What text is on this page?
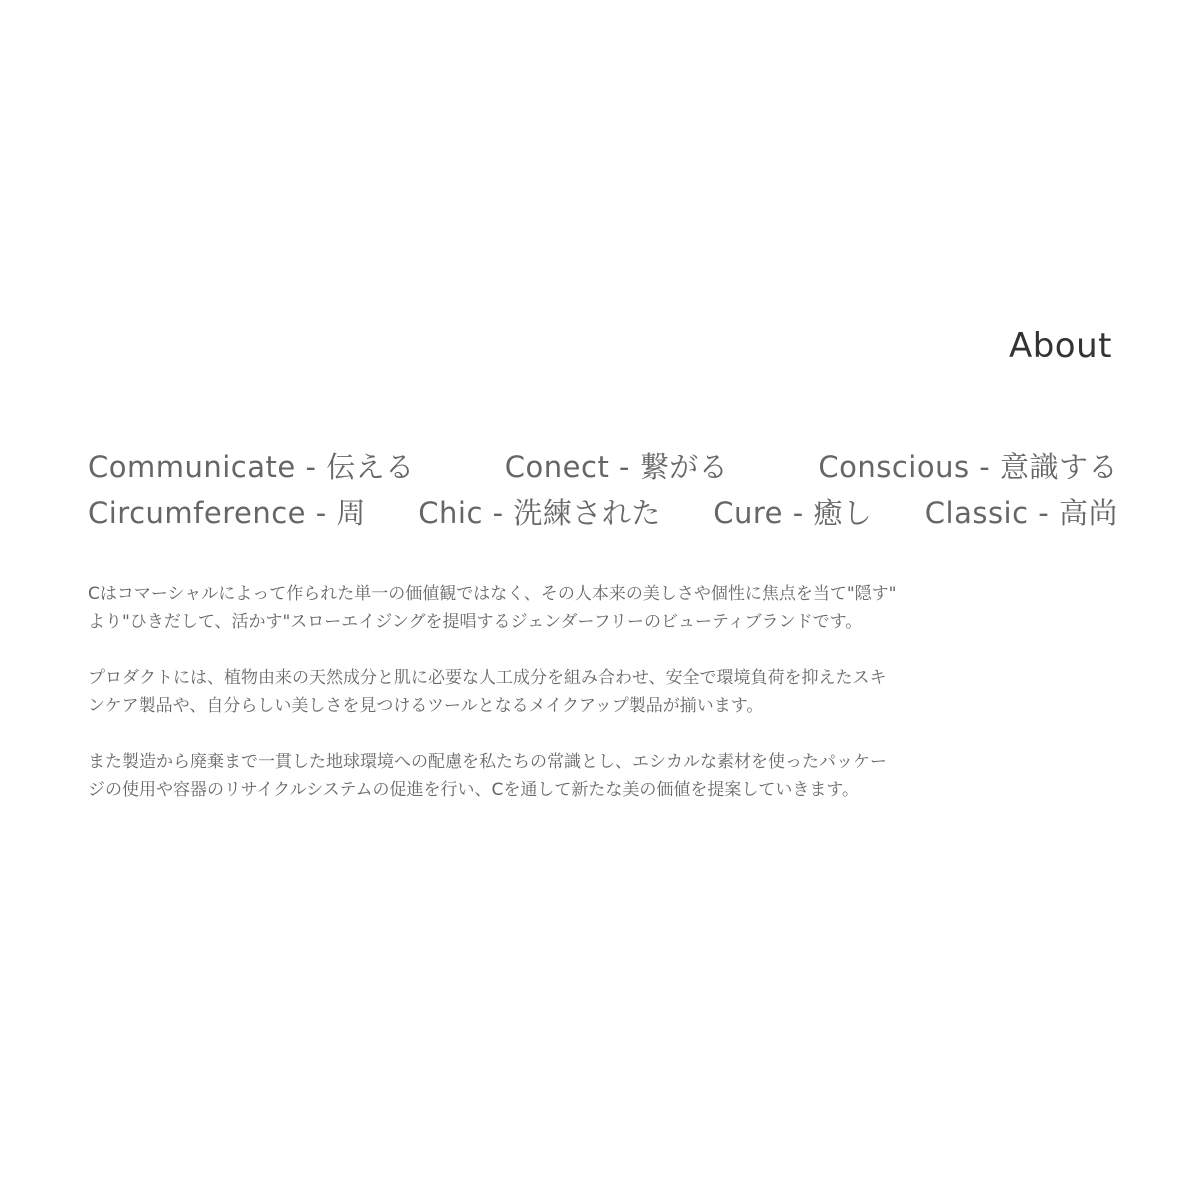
About
Communicate - 伝える	Conect - 繋がる	Conscious - 意識する
Circumference - 周 Chic - 洗練された Cure - 癒し Classic - 高尚

Cはコマーシャルによって作られた単一の価値観ではなく、その人本来の美しさや個性に焦点を当て"隠す"

より"ひきだして、活かす"スローエイジングを提唱するジェンダーフリーのビューティブランドです。

プロダクトには、植物由来の天然成分と肌に必要な人工成分を組み合わせ、安全で環境負荷を抑えたスキ

ンケア製品や、自分らしい美しさを見つけるツールとなるメイクアップ製品が揃います。

また製造から廃棄まで一貫した地球環境への配慮を私たちの常識とし、エシカルな素材を使ったパッケー

ジの使用や容器のリサイクルシステムの促進を行い、Cを通して新たな美の価値を提案していきます。
